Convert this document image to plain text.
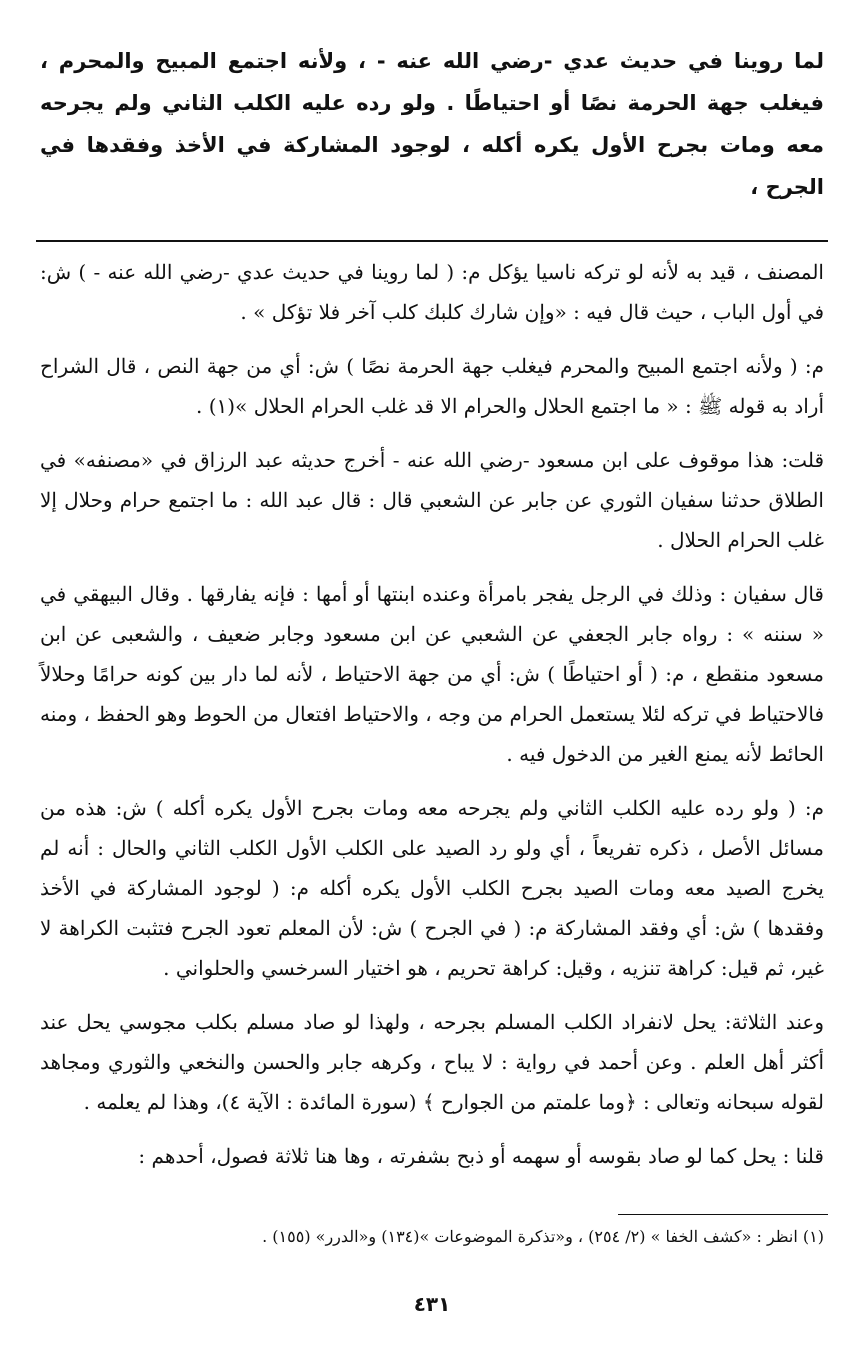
لما روينا في حديث عدي -رضي الله عنه - ، ولأنه اجتمع المبيح والمحرم ، فيغلب جهة الحرمة نصًا أو احتياطًا . ولو رده عليه الكلب الثاني ولم يجرحه معه ومات بجرح الأول يكره أكله ، لوجود المشاركة في الأخذ وفقدها في الجرح ،

المصنف ، قيد به لأنه لو تركه ناسيا يؤكل م: ( لما روينا في حديث عدي -رضي الله عنه - ) ش: في أول الباب ، حيث قال فيه : «وإن شارك كلبك كلب آخر فلا تؤكل » .

م: ( ولأنه اجتمع المبيح والمحرم فيغلب جهة الحرمة نصًا ) ش: أي من جهة النص ، قال الشراح أراد به قوله ﷺ : « ما اجتمع الحلال والحرام الا قد غلب الحرام الحلال »(١) .

قلت: هذا موقوف على ابن مسعود -رضي الله عنه - أخرج حديثه عبد الرزاق في «مصنفه» في الطلاق حدثنا سفيان الثوري عن جابر عن الشعبي قال : قال عبد الله : ما اجتمع حرام وحلال إلا غلب الحرام الحلال .

قال سفيان : وذلك في الرجل يفجر بامرأة وعنده ابنتها أو أمها : فإنه يفارقها . وقال البيهقي في « سننه » : رواه جابر الجعفي عن الشعبي عن ابن مسعود وجابر ضعيف ، والشعبى عن ابن مسعود منقطع ، م: ( أو احتياطًا ) ش: أي من جهة الاحتياط ، لأنه لما دار بين كونه حرامًا وحلالاً فالاحتياط في تركه لئلا يستعمل الحرام من وجه ، والاحتياط افتعال من الحوط وهو الحفظ ، ومنه الحائط لأنه يمنع الغير من الدخول فيه .

م: ( ولو رده عليه الكلب الثاني ولم يجرحه معه ومات بجرح الأول يكره أكله ) ش: هذه من مسائل الأصل ، ذكره تفريعاً ، أي ولو رد الصيد على الكلب الأول الكلب الثاني والحال : أنه لم يخرج الصيد معه ومات الصيد بجرح الكلب الأول يكره أكله م: ( لوجود المشاركة في الأخذ وفقدها ) ش: أي وفقد المشاركة م: ( في الجرح ) ش: لأن المعلم تعود الجرح فتثبت الكراهة لا غير، ثم قيل: كراهة تنزيه ، وقيل: كراهة تحريم ، هو اختيار السرخسي والحلواني .

وعند الثلاثة: يحل لانفراد الكلب المسلم بجرحه ، ولهذا لو صاد مسلم بكلب مجوسي يحل عند أكثر أهل العلم . وعن أحمد في رواية : لا يباح ، وكرهه جابر والحسن والنخعي والثوري ومجاهد لقوله سبحانه وتعالى : ﴿وما علمتم من الجوارح ﴾ (سورة المائدة : الآية ٤)، وهذا لم يعلمه .

قلنا : يحل كما لو صاد بقوسه أو سهمه أو ذبح بشفرته ، وها هنا ثلاثة فصول، أحدهم :

(١) انظر : «كشف الخفا » (٢/ ٢٥٤) ، و«تذكرة الموضوعات »(١٣٤) و«الدرر» (١٥٥) .

٤٣١
